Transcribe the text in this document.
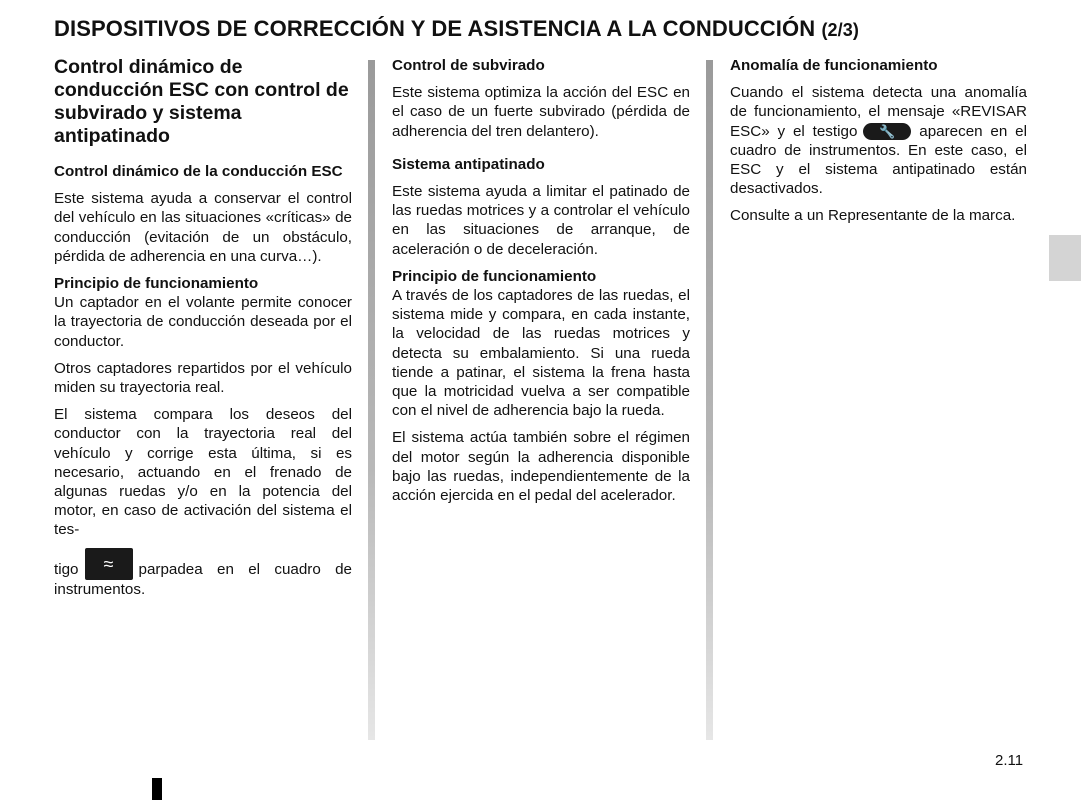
DISPOSITIVOS DE CORRECCIÓN Y DE ASISTENCIA A LA CONDUCCIÓN (2/3)
Control dinámico de conducción ESC con control de subvirado y sistema antipatinado
Control dinámico de la conducción ESC

Este sistema ayuda a conservar el control del vehículo en las situaciones «críticas» de conducción (evitación de un obstáculo, pérdida de adherencia en una curva…).

Principio de funcionamiento

Un captador en el volante permite conocer la trayectoria de conducción deseada por el conductor.

Otros captadores repartidos por el vehículo miden su trayectoria real.

El sistema compara los deseos del conductor con la trayectoria real del vehículo y corrige esta última, si es necesario, actuando en el frenado de algunas ruedas y/o en la potencia del motor, en caso de activación del sistema el tes-

tigo	≈	parpadea en el cuadro de
instrumentos.
Control de subvirado

Este sistema optimiza la acción del ESC en el caso de un fuerte subvirado (pérdida de adherencia del tren delantero).

Sistema antipatinado

Este sistema ayuda a limitar el patinado de las ruedas motrices y a controlar el vehículo en las situaciones de arranque, de aceleración o de deceleración.

Principio de funcionamiento

A través de los captadores de las ruedas, el sistema mide y compara, en cada instante, la velocidad de las ruedas motrices y detecta su embalamiento. Si una rueda tiende a patinar, el sistema la frena hasta que la motricidad vuelva a ser compatible con el nivel de adherencia bajo la rueda.

El sistema actúa también sobre el régimen del motor según la adherencia disponible bajo las ruedas, independientemente de la acción ejercida en el pedal del acelerador.

Anomalía de funcionamiento

Cuando el sistema detecta una anomalía de funcionamiento, el mensaje «REVISAR ESC» y el testigo 🔧 aparecen en el cuadro de instrumentos. En este caso, el ESC y el sistema antipatinado están desactivados.

Consulte a un Representante de la marca.

2.11
